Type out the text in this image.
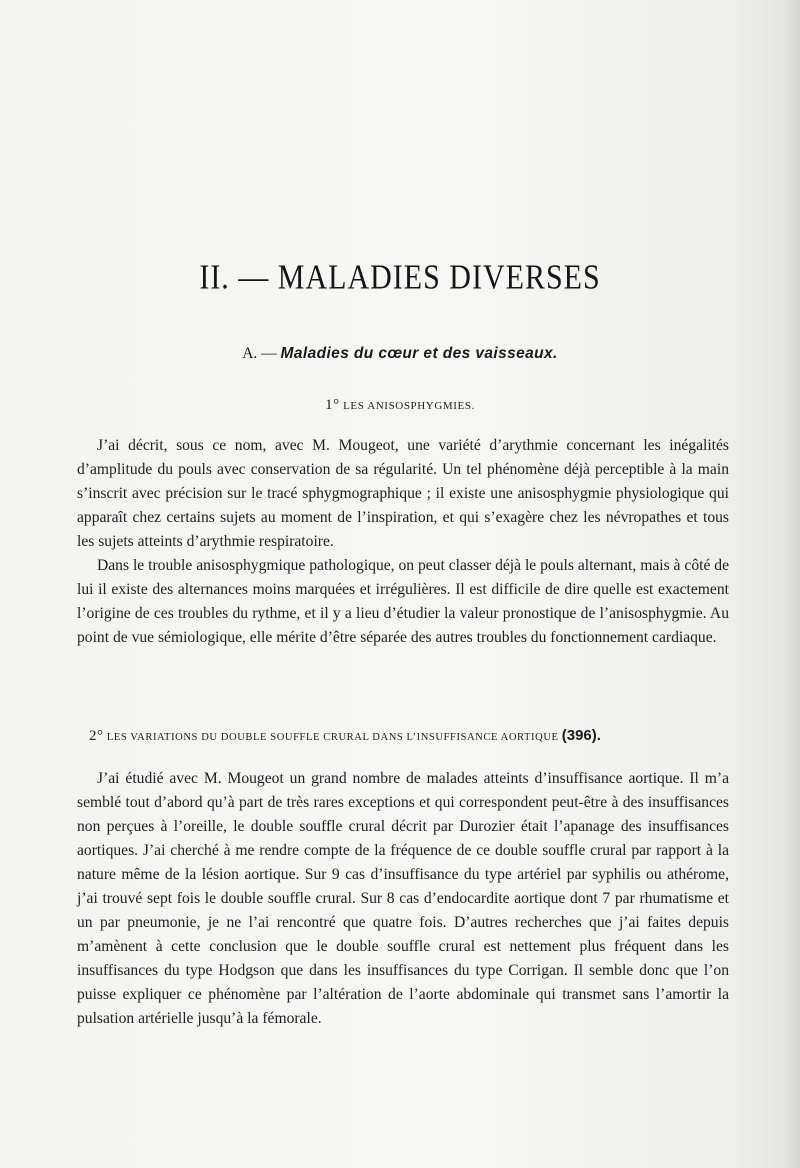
II. — MALADIES DIVERSES
A. — Maladies du cœur et des vaisseaux.
1° LES ANISOSPHYGMIES.

J’ai décrit, sous ce nom, avec M. Mougeot, une variété d’arythmie concernant les inégalités d’amplitude du pouls avec conservation de sa régularité. Un tel phénomène déjà perceptible à la main s’inscrit avec précision sur le tracé sphygmographique ; il existe une anisosphygmie physiologique qui apparaît chez certains sujets au moment de l’inspiration, et qui s’exagère chez les névropathes et tous les sujets atteints d’arythmie respiratoire.

Dans le trouble anisosphygmique pathologique, on peut classer déjà le pouls alternant, mais à côté de lui il existe des alternances moins marquées et irrégulières. Il est difficile de dire quelle est exactement l’origine de ces troubles du rythme, et il y a lieu d’étudier la valeur pronostique de l’anisosphygmie. Au point de vue sémiologique, elle mérite d’être séparée des autres troubles du fonctionnement cardiaque.

2° LES VARIATIONS DU DOUBLE SOUFFLE CRURAL DANS L’INSUFFISANCE AORTIQUE (396).

J’ai étudié avec M. Mougeot un grand nombre de malades atteints d’insuffisance aortique. Il m’a semblé tout d’abord qu’à part de très rares exceptions et qui correspondent peut-être à des insuffisances non perçues à l’oreille, le double souffle crural décrit par Durozier était l’apanage des insuffisances aortiques. J’ai cherché à me rendre compte de la fréquence de ce double souffle crural par rapport à la nature même de la lésion aortique. Sur 9 cas d’insuffisance du type artériel par syphilis ou athérome, j’ai trouvé sept fois le double souffle crural. Sur 8 cas d’endocardite aortique dont 7 par rhumatisme et un par pneumonie, je ne l’ai rencontré que quatre fois. D’autres recherches que j’ai faites depuis m’amènent à cette conclusion que le double souffle crural est nettement plus fréquent dans les insuffisances du type Hodgson que dans les insuffisances du type Corrigan. Il semble donc que l’on puisse expliquer ce phénomène par l’altération de l’aorte abdominale qui transmet sans l’amortir la pulsation artérielle jusqu’à la fémorale.
